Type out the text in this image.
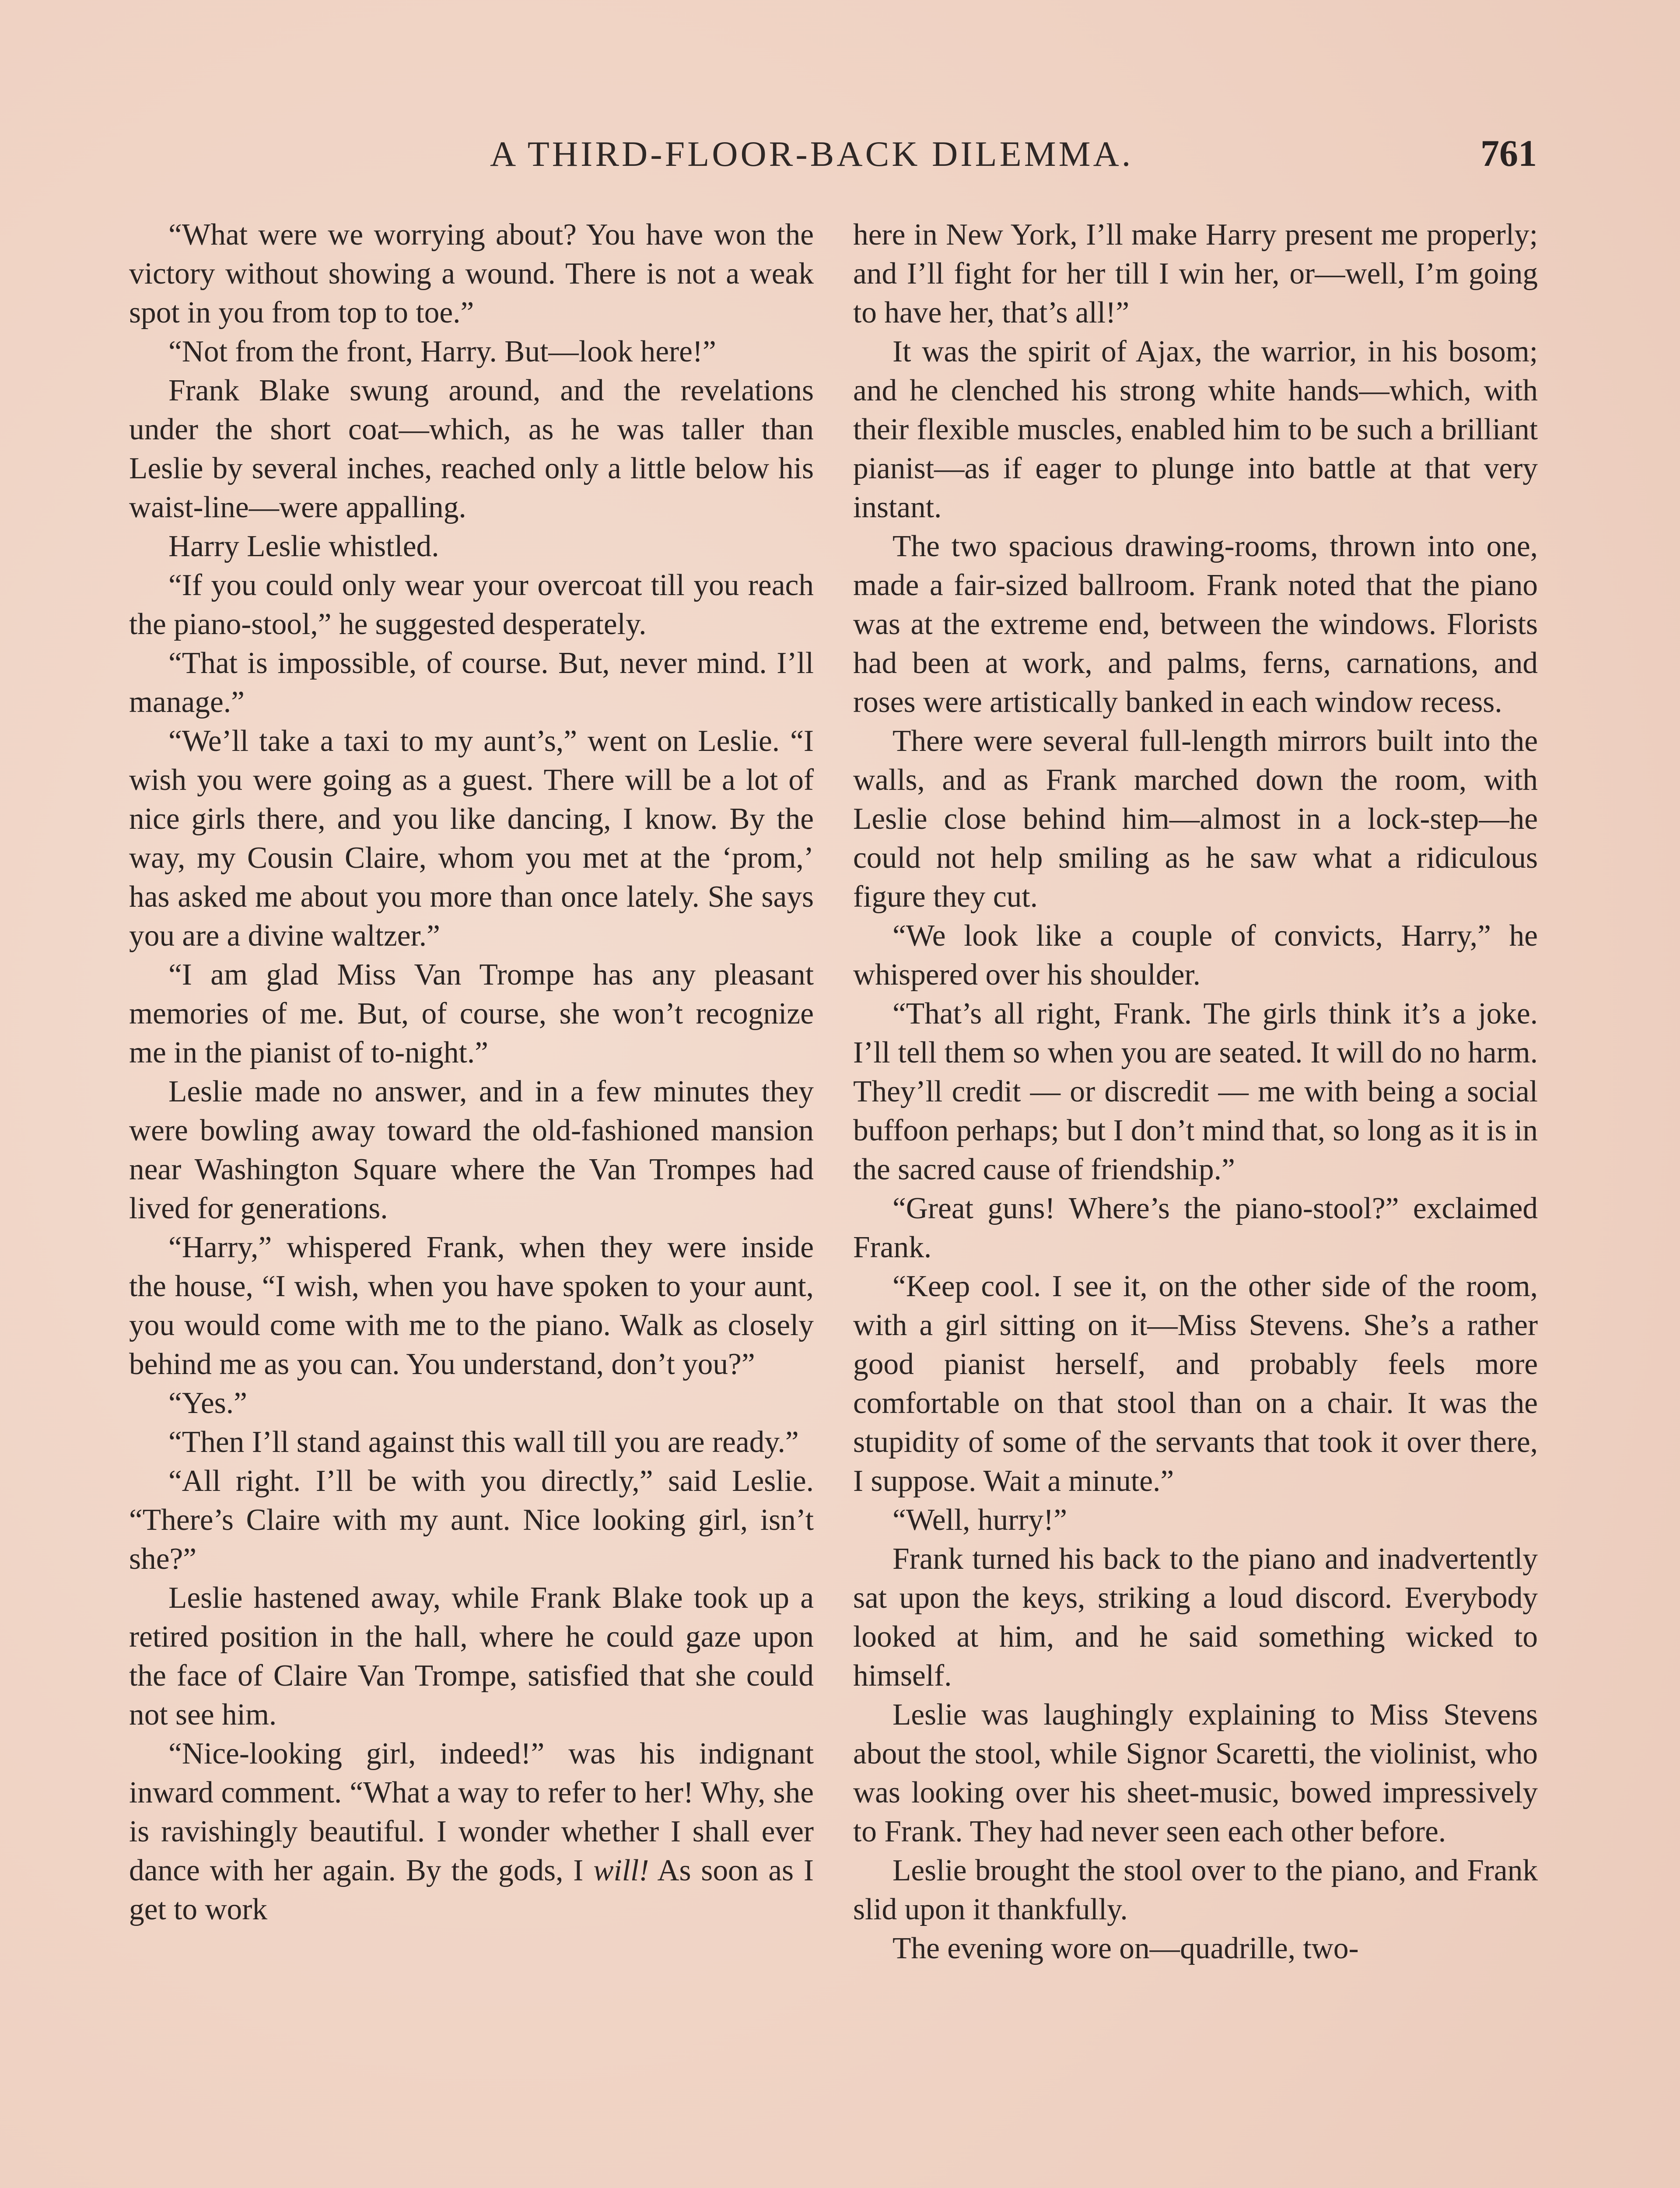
A THIRD-FLOOR-BACK DILEMMA.	761

“What were we worrying about? You have won the victory without showing a wound. There is not a weak spot in you from top to toe.”

“Not from the front, Harry. But—look here!”

Frank Blake swung around, and the revelations under the short coat—which, as he was taller than Leslie by several inches, reached only a little below his waist-line—were appalling.

Harry Leslie whistled.

“If you could only wear your overcoat till you reach the piano-stool,” he suggested desperately.

“That is impossible, of course. But, never mind. I’ll manage.”

“We’ll take a taxi to my aunt’s,” went on Leslie. “I wish you were going as a guest. There will be a lot of nice girls there, and you like dancing, I know. By the way, my Cousin Claire, whom you met at the ‘prom,’ has asked me about you more than once lately. She says you are a divine waltzer.”

“I am glad Miss Van Trompe has any pleasant memories of me. But, of course, she won’t recognize me in the pianist of to-night.”

Leslie made no answer, and in a few minutes they were bowling away toward the old-fashioned mansion near Washington Square where the Van Trompes had lived for generations.

“Harry,” whispered Frank, when they were inside the house, “I wish, when you have spoken to your aunt, you would come with me to the piano. Walk as closely behind me as you can. You understand, don’t you?”

“Yes.”

“Then I’ll stand against this wall till you are ready.”

“All right. I’ll be with you directly,” said Leslie. “There’s Claire with my aunt. Nice looking girl, isn’t she?”

Leslie hastened away, while Frank Blake took up a retired position in the hall, where he could gaze upon the face of Claire Van Trompe, satisfied that she could not see him.

“Nice-looking girl, indeed!” was his indignant inward comment. “What a way to refer to her! Why, she is ravishingly beautiful. I wonder whether I shall ever dance with her again. By the gods, I will! As soon as I get to work

here in New York, I’ll make Harry present me properly; and I’ll fight for her till I win her, or—well, I’m going to have her, that’s all!”

It was the spirit of Ajax, the warrior, in his bosom; and he clenched his strong white hands—which, with their flexible muscles, enabled him to be such a brilliant pianist—as if eager to plunge into battle at that very instant.

The two spacious drawing-rooms, thrown into one, made a fair-sized ballroom. Frank noted that the piano was at the extreme end, between the windows. Florists had been at work, and palms, ferns, carnations, and roses were artistically banked in each window recess.

There were several full-length mirrors built into the walls, and as Frank marched down the room, with Leslie close behind him—almost in a lock-step—he could not help smiling as he saw what a ridiculous figure they cut.

“We look like a couple of convicts, Harry,” he whispered over his shoulder.

“That’s all right, Frank. The girls think it’s a joke. I’ll tell them so when you are seated. It will do no harm. They’ll credit — or discredit — me with being a social buffoon perhaps; but I don’t mind that, so long as it is in the sacred cause of friendship.”

“Great guns! Where’s the piano-stool?” exclaimed Frank.

“Keep cool. I see it, on the other side of the room, with a girl sitting on it—Miss Stevens. She’s a rather good pianist herself, and probably feels more comfortable on that stool than on a chair. It was the stupidity of some of the servants that took it over there, I suppose. Wait a minute.”

“Well, hurry!”

Frank turned his back to the piano and inadvertently sat upon the keys, striking a loud discord. Everybody looked at him, and he said something wicked to himself.

Leslie was laughingly explaining to Miss Stevens about the stool, while Signor Scaretti, the violinist, who was looking over his sheet-music, bowed impressively to Frank. They had never seen each other before.

Leslie brought the stool over to the piano, and Frank slid upon it thankfully.

The evening wore on—quadrille, two-
